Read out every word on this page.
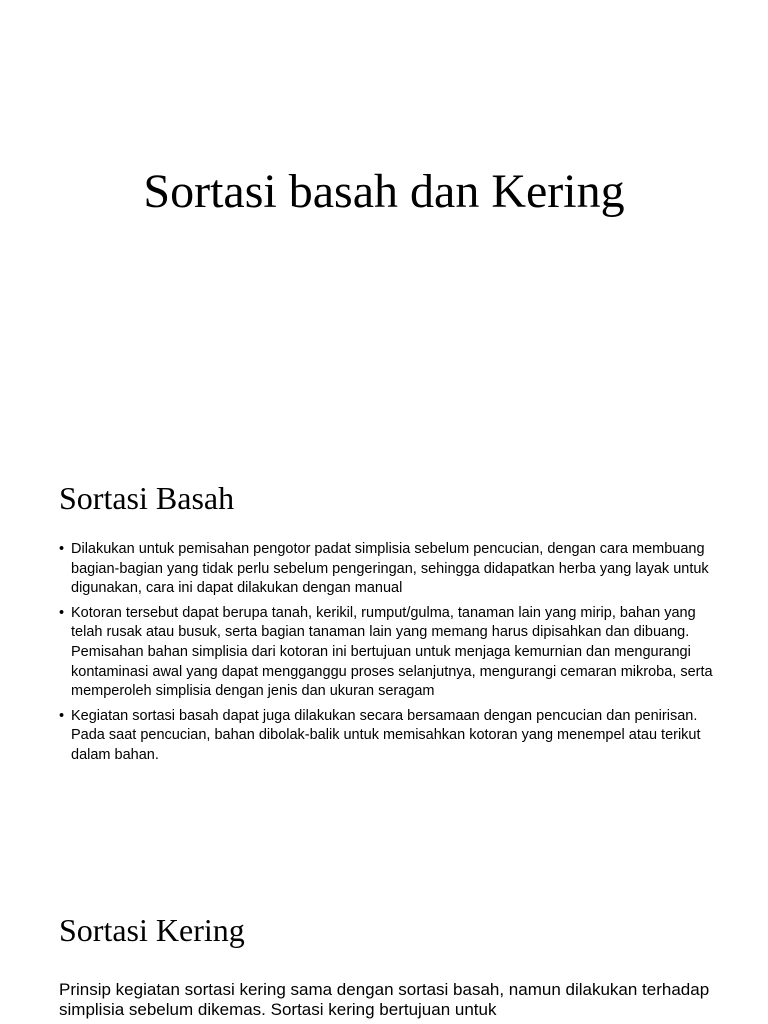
Sortasi basah dan Kering
Sortasi Basah
• Dilakukan untuk pemisahan pengotor padat simplisia sebelum pencucian, dengan cara membuang bagian-bagian yang tidak perlu sebelum pengeringan, sehingga didapatkan herba yang layak untuk digunakan, cara ini dapat dilakukan dengan manual
• Kotoran tersebut dapat berupa tanah, kerikil, rumput/gulma, tanaman lain yang mirip, bahan yang telah rusak atau busuk, serta bagian tanaman lain yang memang harus dipisahkan dan dibuang. Pemisahan bahan simplisia dari kotoran ini bertujuan untuk menjaga kemurnian dan mengurangi kontaminasi awal yang dapat mengganggu proses selanjutnya, mengurangi cemaran mikroba, serta memperoleh simplisia dengan jenis dan ukuran seragam
• Kegiatan sortasi basah dapat juga dilakukan secara bersamaan dengan pencucian dan penirisan. Pada saat pencucian, bahan dibolak-balik untuk memisahkan kotoran yang menempel atau terikut dalam bahan.
Sortasi Kering

Prinsip kegiatan sortasi kering sama dengan sortasi basah, namun dilakukan terhadap simplisia sebelum dikemas. Sortasi kering bertujuan untuk
